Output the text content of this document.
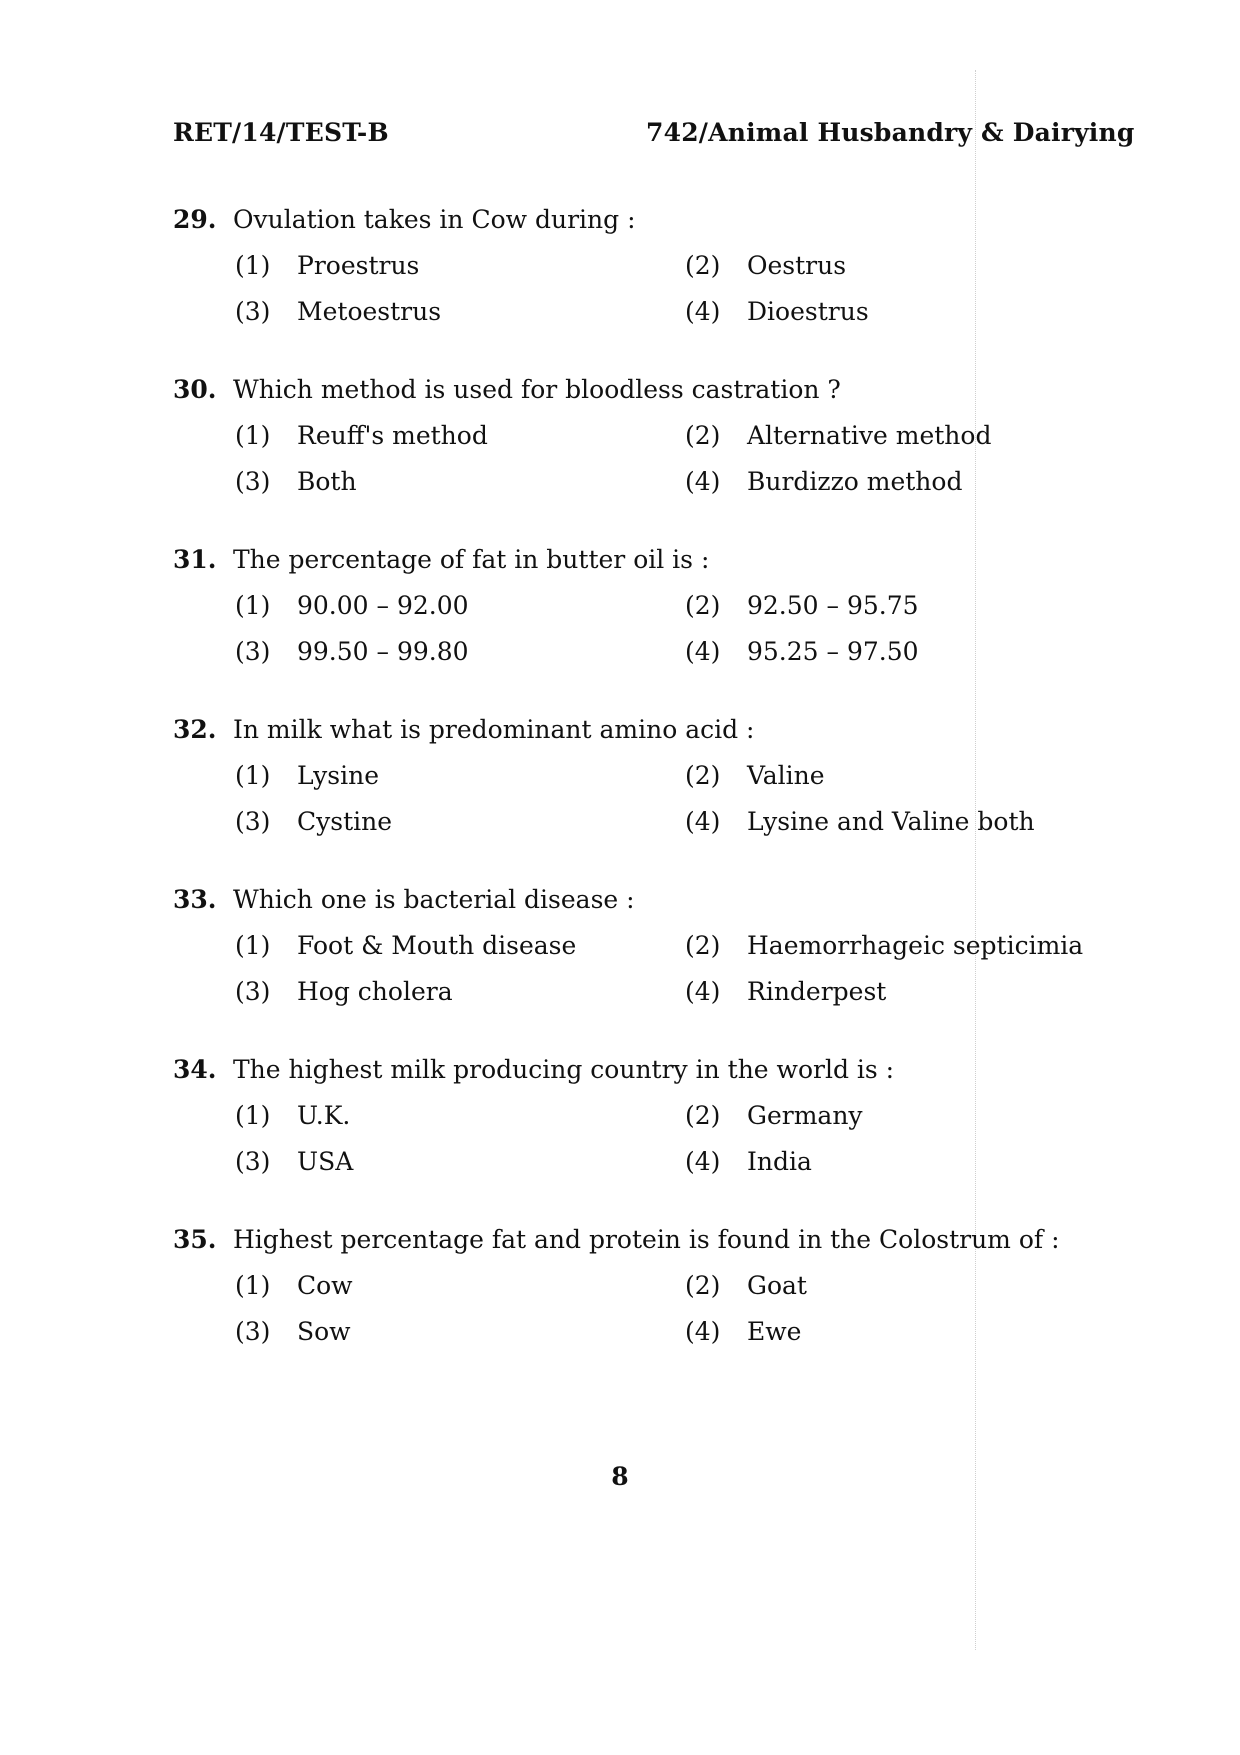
RET/14/TEST-B	742/Animal Husbandry & Dairying
29. Ovulation takes in Cow during :
(1) Proestrus	(2) Oestrus
(3) Metoestrus	(4) Dioestrus
30. Which method is used for bloodless castration ?
(1) Reuff's method	(2) Alternative method
(3) Both	(4) Burdizzo method
31. The percentage of fat in butter oil is :
(1) 90.00 – 92.00	(2) 92.50 – 95.75
(3) 99.50 – 99.80	(4) 95.25 – 97.50
32. In milk what is predominant amino acid :
(1) Lysine	(2) Valine
(3) Cystine	(4) Lysine and Valine both
33. Which one is bacterial disease :
(1) Foot & Mouth disease	(2) Haemorrhageic septicimia
(3) Hog cholera	(4) Rinderpest
34. The highest milk producing country in the world is :
(1) U.K.	(2) Germany
(3) USA	(4) India
35. Highest percentage fat and protein is found in the Colostrum of :
(1) Cow	(2) Goat
(3) Sow	(4) Ewe
8
